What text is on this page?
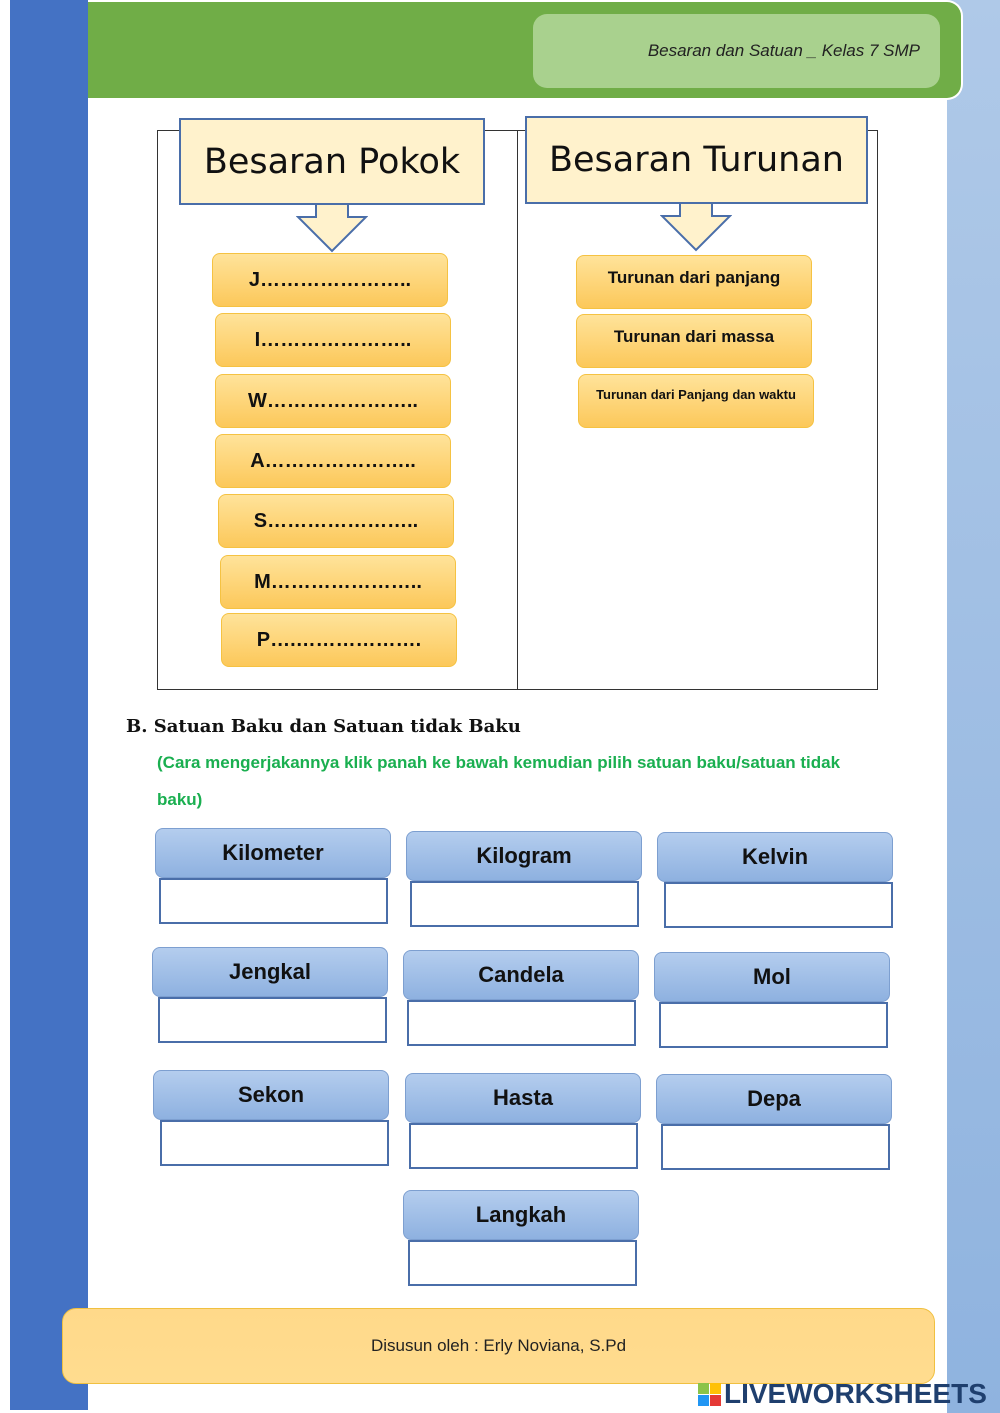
Besaran dan Satuan _ Kelas 7 SMP
Besaran Pokok	Besaran Turunan
J…………………..
I…………………..
W…………………..
A…………………..
S…………………..
M…………………..
P….……………….
Turunan dari panjang
Turunan dari massa
Turunan dari Panjang dan waktu
B. Satuan Baku dan Satuan tidak Baku
(Cara mengerjakannya klik panah ke bawah kemudian pilih satuan baku/satuan tidak
baku)
Kilometer	Kilogram	Kelvin
Jengkal	Candela	Mol
Sekon	Hasta	Depa
Langkah
Disusun oleh : Erly Noviana, S.Pd
LIVEWORKSHEETS
